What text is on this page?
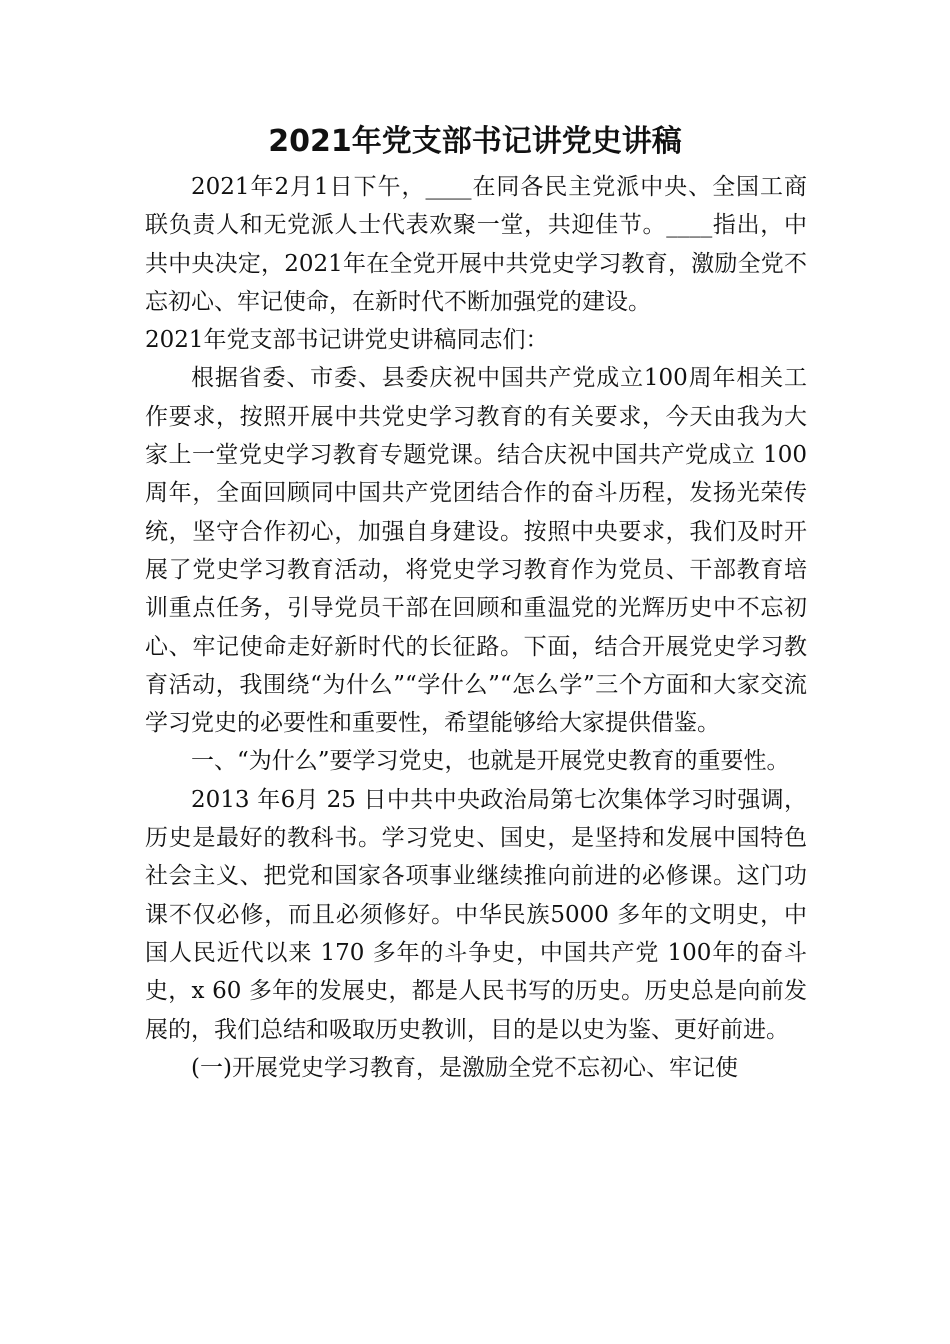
2021年党支部书记讲党史讲稿

2021年2月1日下午，____在同各民主党派中央、全国工商联负责人和无党派人士代表欢聚一堂，共迎佳节。____指出，中共中央决定，2021年在全党开展中共党史学习教育，激励全党不忘初心、牢记使命，在新时代不断加强党的建设。

2021年党支部书记讲党史讲稿同志们：

根据省委、市委、县委庆祝中国共产党成立100周年相关工作要求，按照开展中共党史学习教育的有关要求，今天由我为大家上一堂党史学习教育专题党课。结合庆祝中国共产党成立 100 周年，全面回顾同中国共产党团结合作的奋斗历程，发扬光荣传统，坚守合作初心，加强自身建设。按照中央要求，我们及时开展了党史学习教育活动，将党史学习教育作为党员、干部教育培训重点任务，引导党员干部在回顾和重温党的光辉历史中不忘初心、牢记使命走好新时代的长征路。下面，结合开展党史学习教育活动，我围绕“为什么”“学什么”“怎么学”三个方面和大家交流学习党史的必要性和重要性，希望能够给大家提供借鉴。

一、“为什么”要学习党史，也就是开展党史教育的重要性。

2013 年6月 25 日中共中央政治局第七次集体学习时强调，历史是最好的教科书。学习党史、国史，是坚持和发展中国特色社会主义、把党和国家各项事业继续推向前进的必修课。这门功课不仅必修，而且必须修好。中华民族5000 多年的文明史，中国人民近代以来 170 多年的斗争史，中国共产党 100年的奋斗史，x 60 多年的发展史，都是人民书写的历史。历史总是向前发展的，我们总结和吸取历史教训，目的是以史为鉴、更好前进。

(一)开展党史学习教育，是激励全党不忘初心、牢记使
